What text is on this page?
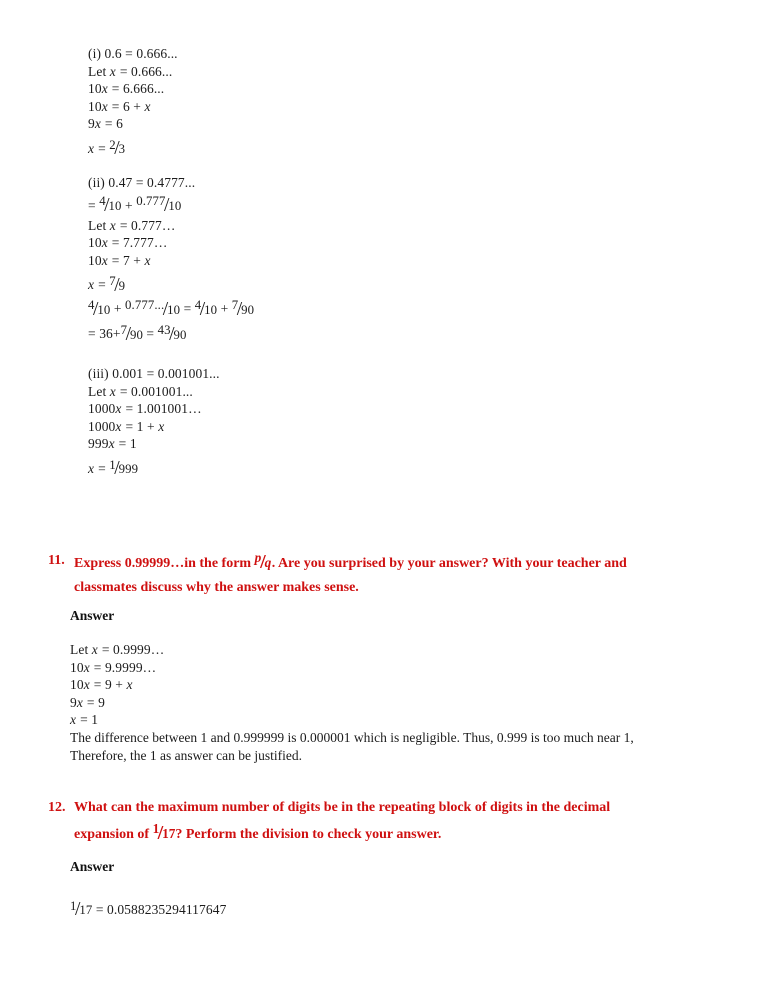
(i) 0.6 = 0.666...
Let x = 0.666...
10x = 6.666...
10x = 6 + x
9x = 6
x = 2/3
(ii) 0.47 = 0.4777...
= 4/10 + 0.777/10
Let x = 0.777…
10x = 7.777…
10x = 7 + x
x = 7/9
4/10 + 0.777.../10 = 4/10 + 7/90
= 36+7/90 = 43/90
(iii) 0.001 = 0.001001...
Let x = 0.001001...
1000x = 1.001001…
1000x = 1 + x
999x = 1
x = 1/999
11. Express 0.99999…in the form p/q. Are you surprised by your answer? With your teacher and classmates discuss why the answer makes sense.
Answer
Let x = 0.9999…
10x = 9.9999…
10x = 9 + x
9x = 9
x = 1
The difference between 1 and 0.999999 is 0.000001 which is negligible. Thus, 0.999 is too much near 1, Therefore, the 1 as answer can be justified.
12. What can the maximum number of digits be in the repeating block of digits in the decimal expansion of 1/17? Perform the division to check your answer.
Answer
1/17 = 0.0588235294117647
